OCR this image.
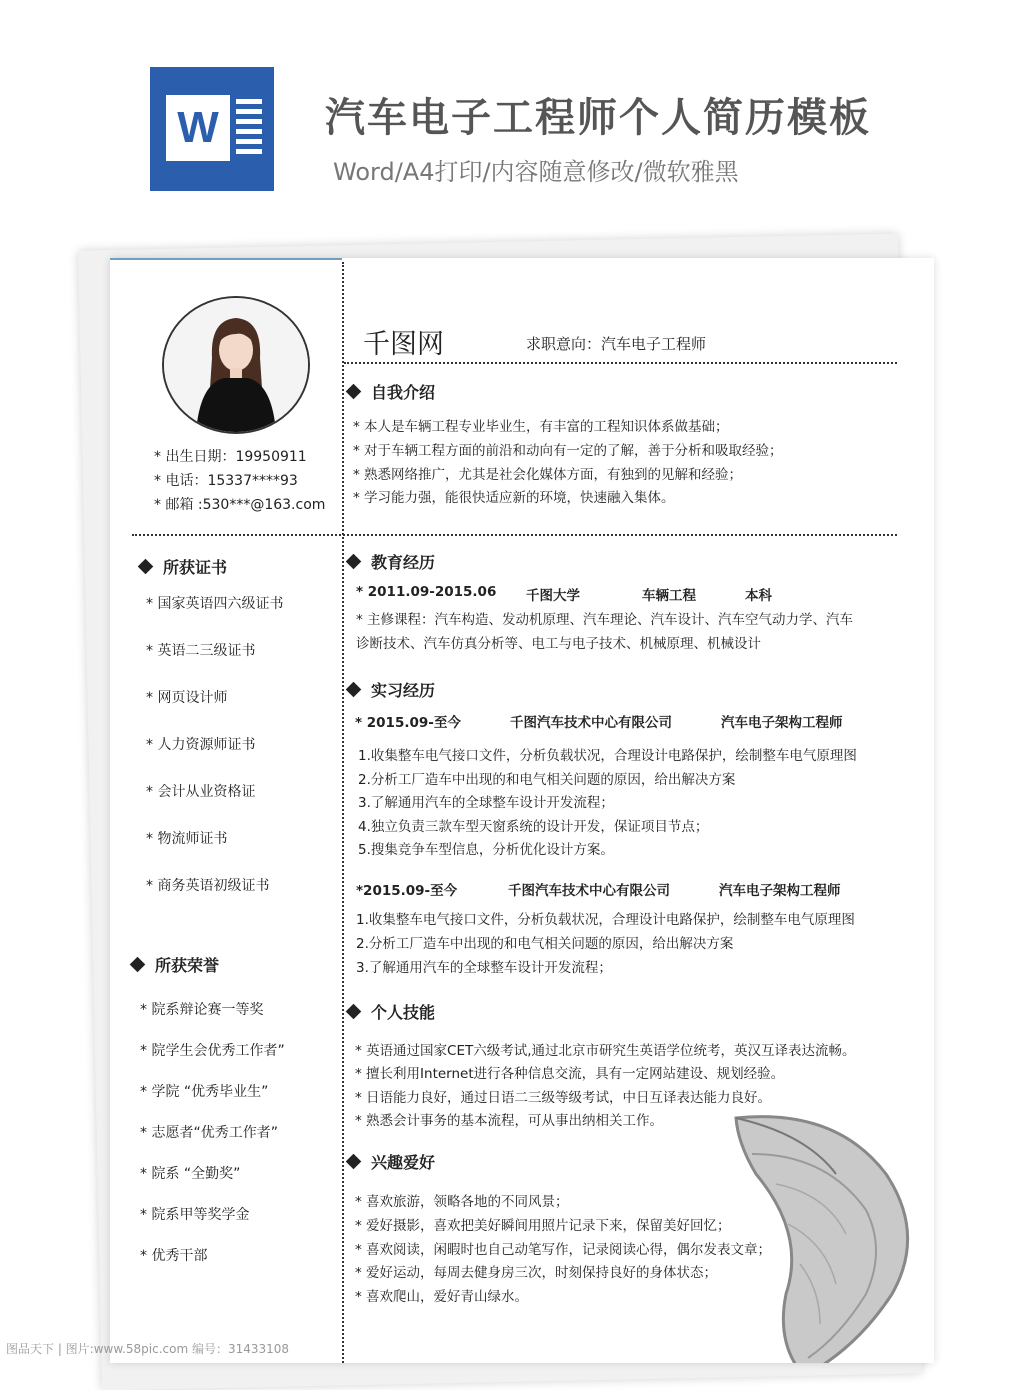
W	汽车电子工程师个人简历模板
Word/A4打印/内容随意修改/微软雅黑
* 出生日期：19950911
* 电话：15337****93
* 邮箱 :530***@163.com
所获证书
* 国家英语四六级证书
* 英语二三级证书
* 网页设计师
* 人力资源师证书
* 会计从业资格证
* 物流师证书
* 商务英语初级证书
所获荣誉
* 院系辩论赛一等奖
* 院学生会优秀工作者”
* 学院 “优秀毕业生”
* 志愿者“优秀工作者”
* 院系 “全勤奖”
* 院系甲等奖学金
* 优秀干部
千图网	求职意向：汽车电子工程师
自我介绍
* 本人是车辆工程专业毕业生，有丰富的工程知识体系做基础；
* 对于车辆工程方面的前沿和动向有一定的了解，善于分析和吸取经验；
* 熟悉网络推广，尤其是社会化媒体方面，有独到的见解和经验；
* 学习能力强，能很快适应新的环境，快速融入集体。
教育经历
* 2011.09-2015.06 千图大学	车辆工程	本科
* 主修课程：汽车构造、发动机原理、汽车理论、汽车设计、汽车空气动力学、汽车
诊断技术、汽车仿真分析等、电工与电子技术、机械原理、机械设计
实习经历
* 2015.09-至今	千图汽车技术中心有限公司	汽车电子架构工程师
1.收集整车电气接口文件，分析负载状况，合理设计电路保护，绘制整车电气原理图
2.分析工厂造车中出现的和电气相关问题的原因，给出解决方案
3.了解通用汽车的全球整车设计开发流程；
4.独立负责三款车型天窗系统的设计开发，保证项目节点；
5.搜集竞争车型信息，分析优化设计方案。
*2015.09-至今	千图汽车技术中心有限公司	汽车电子架构工程师
1.收集整车电气接口文件，分析负载状况，合理设计电路保护，绘制整车电气原理图
2.分析工厂造车中出现的和电气相关问题的原因，给出解决方案
3.了解通用汽车的全球整车设计开发流程；
个人技能
* 英语通过国家CET六级考试,通过北京市研究生英语学位统考，英汉互译表达流畅。
* 擅长利用Internet进行各种信息交流，具有一定网站建设、规划经验。
* 日语能力良好，通过日语二三级等级考试，中日互译表达能力良好。
* 熟悉会计事务的基本流程，可从事出纳相关工作。
兴趣爱好
* 喜欢旅游，领略各地的不同风景；
* 爱好摄影，喜欢把美好瞬间用照片记录下来，保留美好回忆；
* 喜欢阅读，闲暇时也自己动笔写作，记录阅读心得，偶尔发表文章；
* 爱好运动，每周去健身房三次，时刻保持良好的身体状态；
* 喜欢爬山，爱好青山绿水。
图品天下 | 图片:www.58pic.com 编号：31433108
